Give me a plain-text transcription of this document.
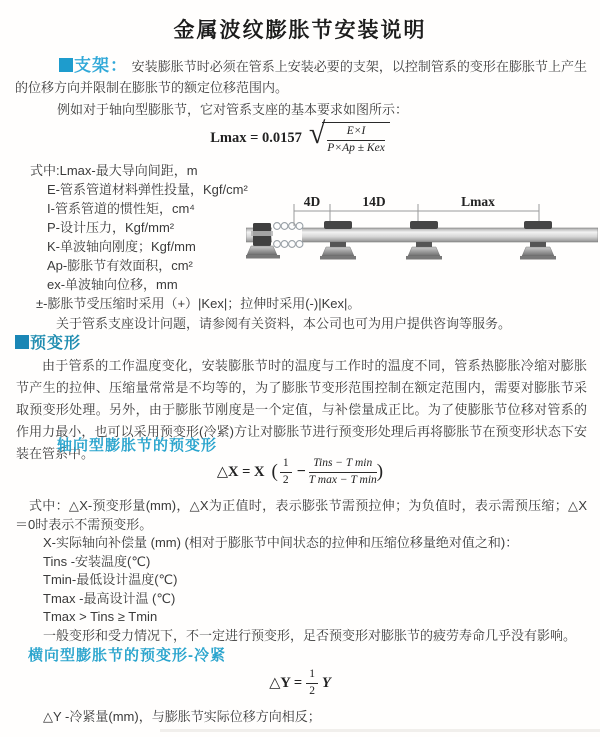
金属波纹膨胀节安装说明
支架： 安装膨胀节时必须在管系上安装必要的支架，以控制管系的变形在膨胀节上产生的位移方向并限制在膨胀节的额定位移范围内。
例如对于轴向型膨胀节，它对管系支座的基本要求如图所示：
Lmax = 0.0157 √ $\frac{E\times I}{\text{P×Ap ± Kex}}$
式中:Lmax-最大导向间距，m
E-管系管道材料弹性投量，Kgf/cm²
I-管系管道的惯性矩，cm⁴
P-设计压力，Kgf/mm²
K-单波轴向刚度；Kgf/mm
Ap-膨胀节有效面积，cm²
ex-单波轴向位移，mm
±-膨胀节受压缩时采用（+）|Kex|；拉伸时采用(-)|Kex|。
4D	14D	Lmax
关于管系支座设计问题，请参阅有关资料，本公司也可为用户提供咨询等服务。
预变形
由于管系的工作温度变化，安装膨胀节时的温度与工作时的温度不同，管系热膨胀冷缩对膨胀节产生的拉伸、压缩量常常是不均等的，为了膨胀节变形范围控制在额定范围内，需要对膨胀节采取预变形处理。另外，由于膨胀节刚度是一个定值，与补偿量成正比。为了使膨胀节位移对管系的作用力最小，也可以采用预变形(冷紧)方让对膨胀节进行预变形处理后再将膨胀节在预变形状态下安装在管系中。
轴向型膨胀节的预变形
△X = X ( $\frac{1}{2} - \frac{\text{Tins − T min}}{\text{T max − T min}}$ )

式中：△X-预变形量(mm)，△X为正值时，表示膨张节需预拉伸；为负值时，表示需预压缩；△X＝0时表示不需预变形。

X-实际轴向补偿量 (mm) (相对于膨胀节中间状态的拉伸和压缩位移量绝对值之和)：

Tins -安装温度(℃)

Tmin-最低设计温度(℃)

Tmax -最高设计温 (℃)

Tmax > Tins ≥ Tmin

一般变形和受力情况下，不一定进行预变形，足否预变形对膨胀节的疲劳寿命几乎没有影响。

横向型膨胀节的预变形-冷紧
△Y = $\frac{1}{2}$ Y
△Y -冷紧量(mm)，与膨胀节实际位移方向相反；
